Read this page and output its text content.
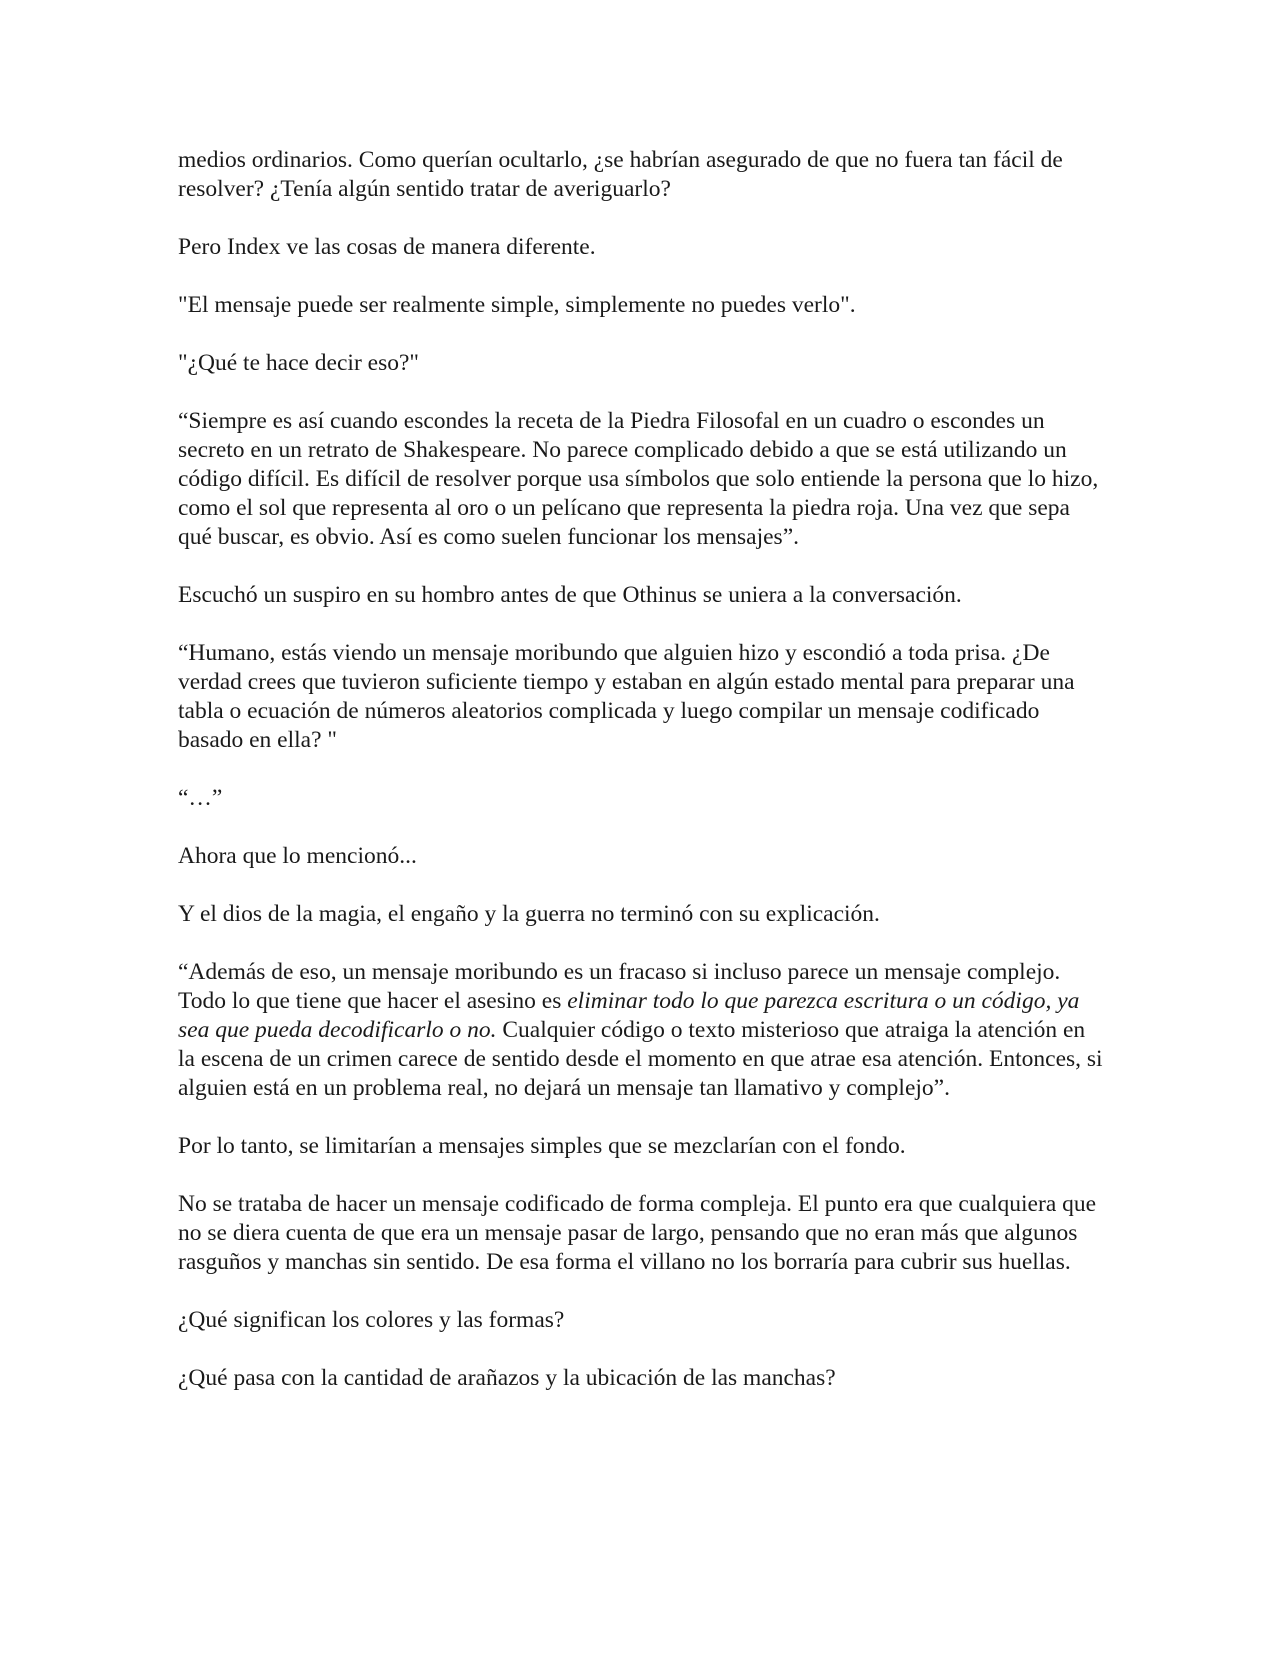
medios ordinarios. Como querían ocultarlo, ¿se habrían asegurado de que no fuera tan fácil de resolver? ¿Tenía algún sentido tratar de averiguarlo?

Pero Index ve las cosas de manera diferente.

"El mensaje puede ser realmente simple, simplemente no puedes verlo".

"¿Qué te hace decir eso?"

“Siempre es así cuando escondes la receta de la Piedra Filosofal en un cuadro o escondes un secreto en un retrato de Shakespeare. No parece complicado debido a que se está utilizando un código difícil. Es difícil de resolver porque usa símbolos que solo entiende la persona que lo hizo, como el sol que representa al oro o un pelícano que representa la piedra roja. Una vez que sepa qué buscar, es obvio. Así es como suelen funcionar los mensajes”.

Escuchó un suspiro en su hombro antes de que Othinus se uniera a la conversación.

“Humano, estás viendo un mensaje moribundo que alguien hizo y escondió a toda prisa. ¿De verdad crees que tuvieron suficiente tiempo y estaban en algún estado mental para preparar una tabla o ecuación de números aleatorios complicada y luego compilar un mensaje codificado basado en ella? "

“…”

Ahora que lo mencionó...

Y el dios de la magia, el engaño y la guerra no terminó con su explicación.

“Además de eso, un mensaje moribundo es un fracaso si incluso parece un mensaje complejo. Todo lo que tiene que hacer el asesino es eliminar todo lo que parezca escritura o un código, ya sea que pueda decodificarlo o no. Cualquier código o texto misterioso que atraiga la atención en la escena de un crimen carece de sentido desde el momento en que atrae esa atención. Entonces, si alguien está en un problema real, no dejará un mensaje tan llamativo y complejo”.

Por lo tanto, se limitarían a mensajes simples que se mezclarían con el fondo.

No se trataba de hacer un mensaje codificado de forma compleja. El punto era que cualquiera que no se diera cuenta de que era un mensaje pasar de largo, pensando que no eran más que algunos rasguños y manchas sin sentido. De esa forma el villano no los borraría para cubrir sus huellas.

¿Qué significan los colores y las formas?

¿Qué pasa con la cantidad de arañazos y la ubicación de las manchas?
